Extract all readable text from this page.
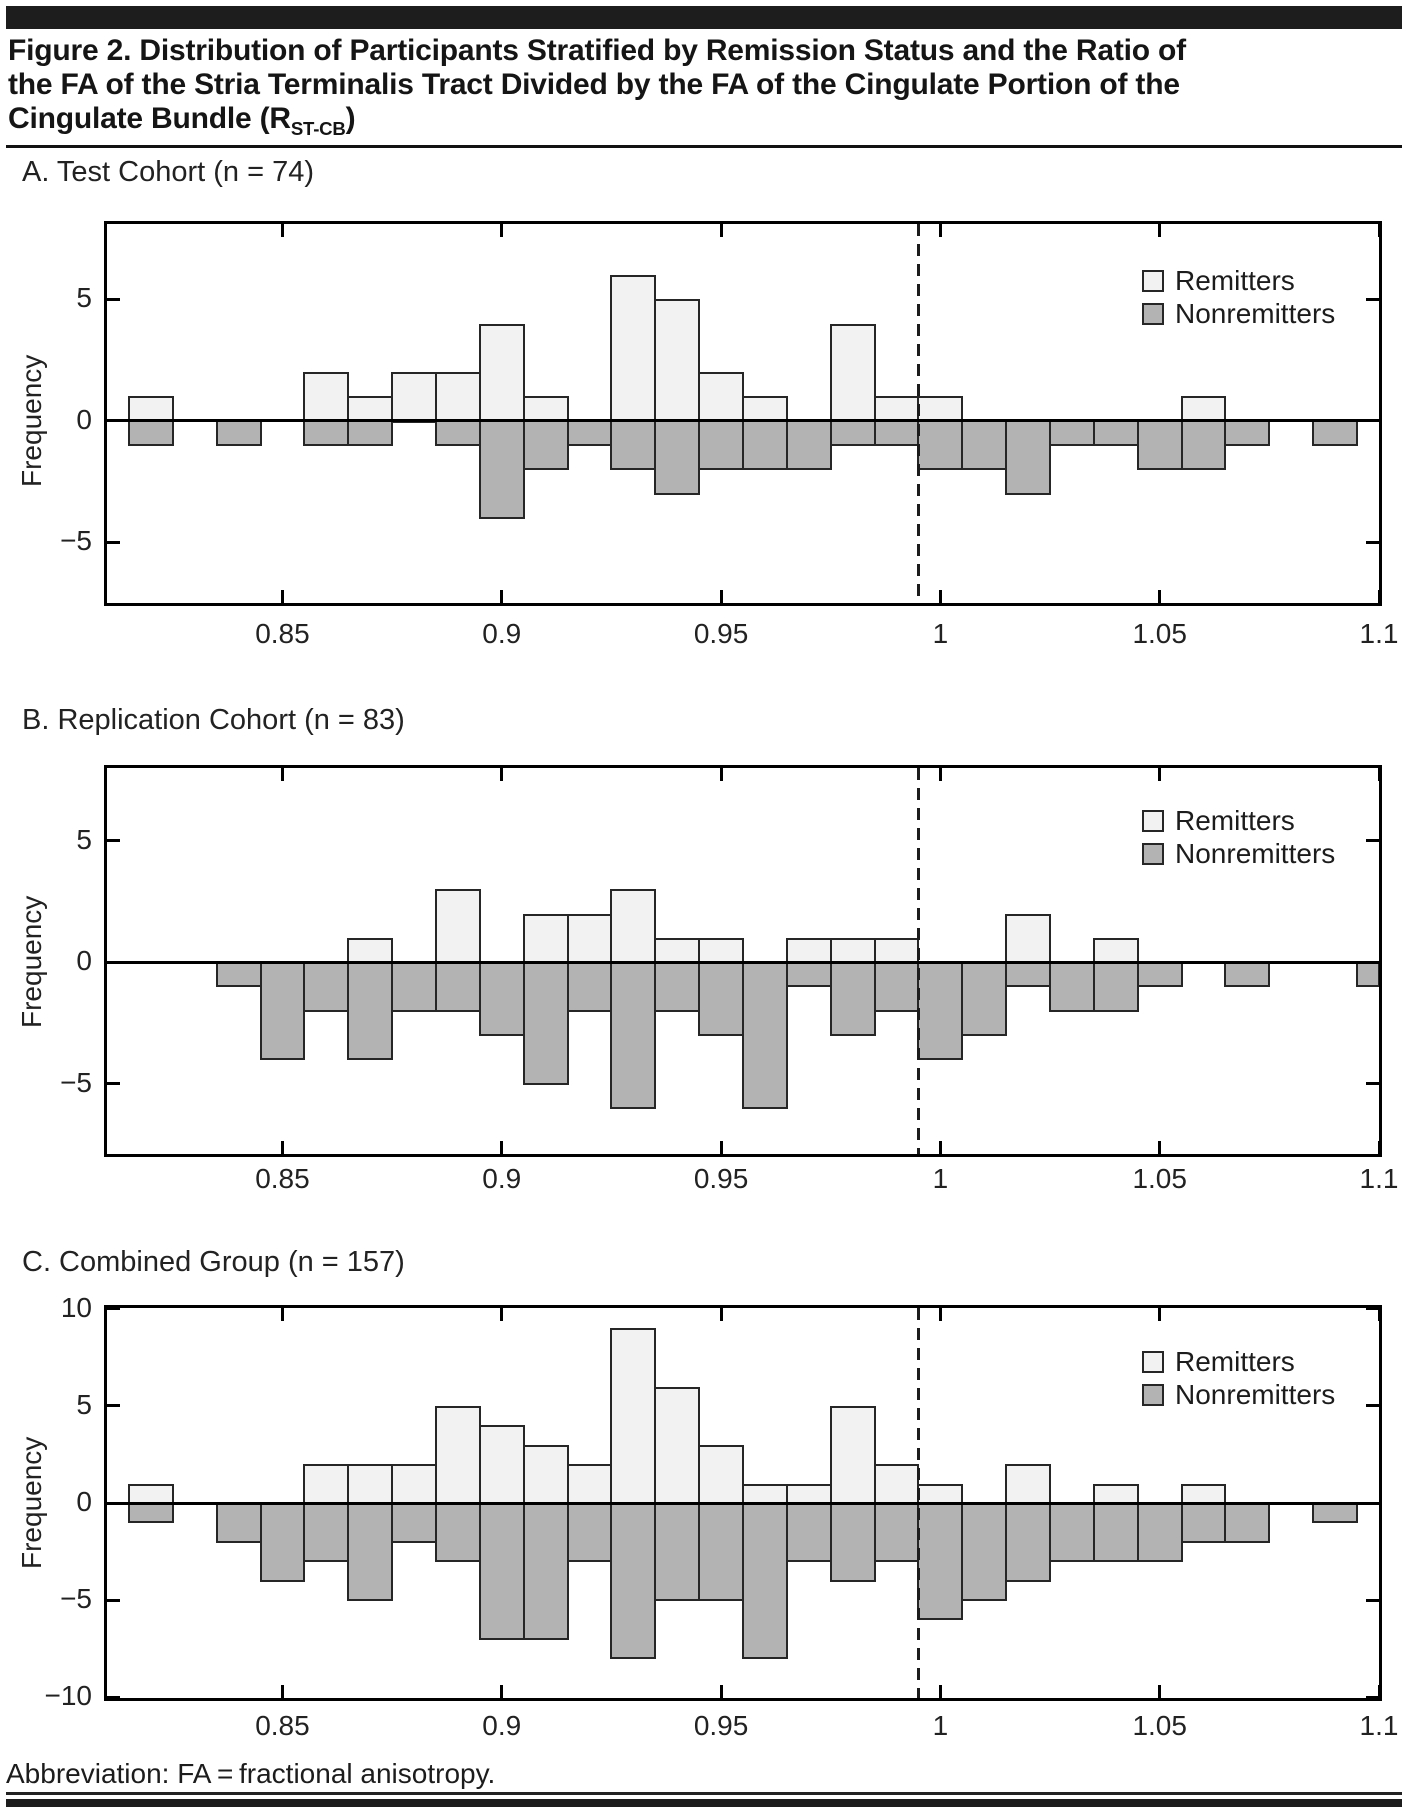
Figure 2. Distribution of Participants Stratified by Remission Status and the Ratio of
the FA of the Stria Terminalis Tract Divided by the FA of the Cingulate Portion of the
Cingulate Bundle $(R_{ST-CB})$
A. Test Cohort (n = 74)
Frequency
Remitters
Nonremitters
B. Replication Cohort (n = 83)
Frequency
Remitters
Nonremitters
C. Combined Group (n = 157)
Frequency
Remitters
Nonremitters
0.85	0.9	0.95	1	1.05	1.1
5
0
−5
0.85	0.9	0.95	1	1.05	1.1
5
0
−5
0.85	0.9	0.95	1	1.05	1.1
10
5
0
−5
−10

Abbreviation: FA = fractional anisotropy.
